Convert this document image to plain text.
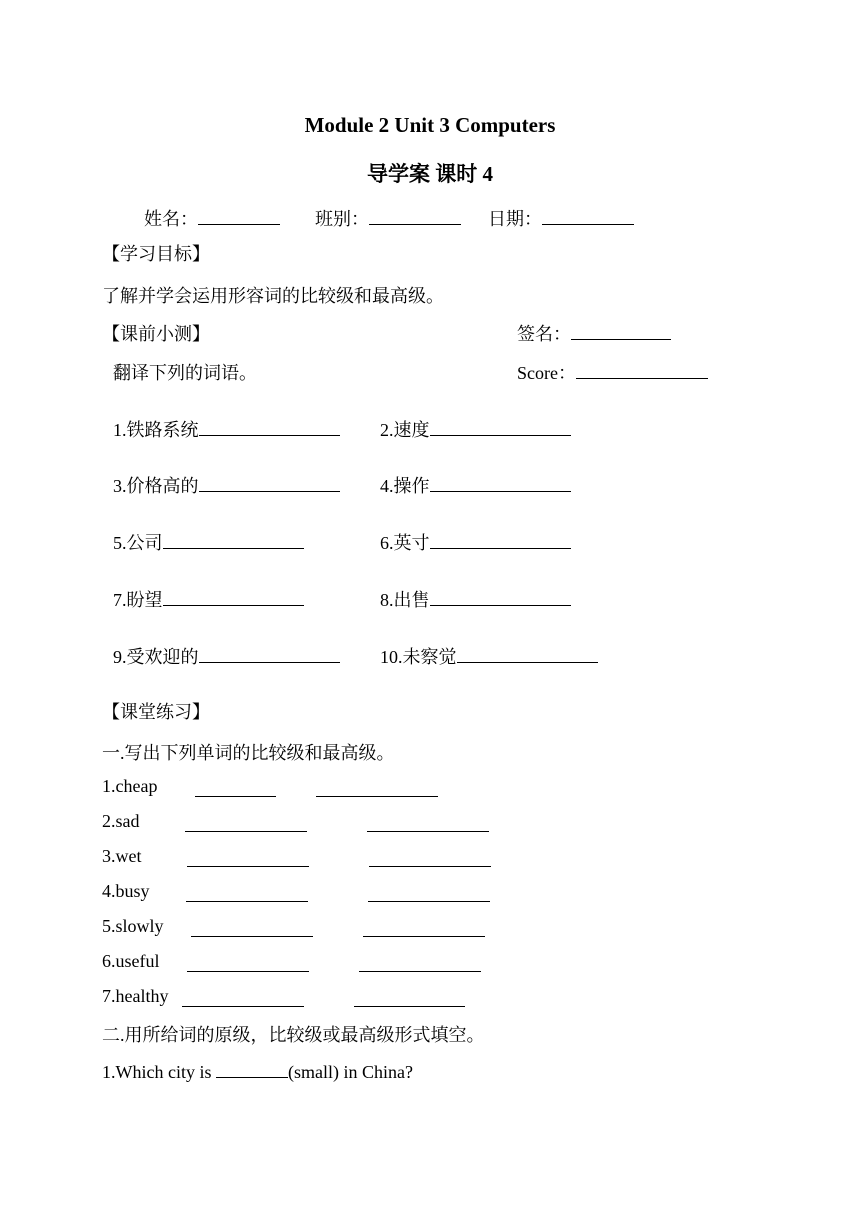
Module 2 Unit 3 Computers
导学案 课时 4
姓名：	班别：	日期：
【学习目标】
了解并学会运用形容词的比较级和最高级。
【课前小测】	签名：
翻译下列的词语。	Score：
1.铁路系统	2.速度
3.价格高的	4.操作
5.公司	6.英寸
7.盼望	8.出售
9.受欢迎的	10.未察觉
【课堂练习】
一.写出下列单词的比较级和最高级。
1.cheap
2.sad
3.wet
4.busy
5.slowly
6.useful
7.healthy
二.用所给词的原级，比较级或最高级形式填空。
1.Which city is	(small) in China?
